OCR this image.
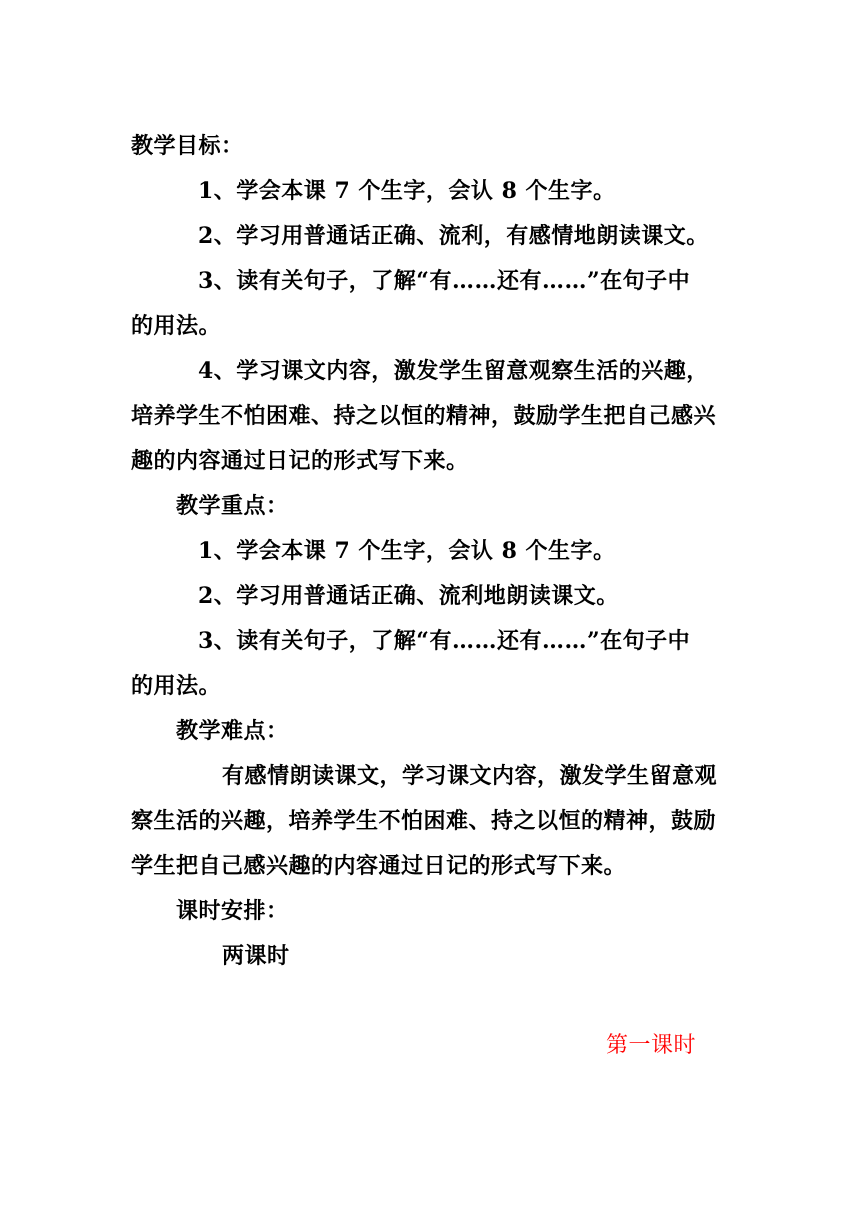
教学目标：
1、学会本课 7 个生字，会认 8 个生字。
2、学习用普通话正确、流利，有感情地朗读课文。
3、读有关句子，了解“有……还有……”在句子中
的用法。
4、学习课文内容，激发学生留意观察生活的兴趣，
培养学生不怕困难、持之以恒的精神，鼓励学生把自己感兴
趣的内容通过日记的形式写下来。
教学重点：
1、学会本课 7 个生字，会认 8 个生字。
2、学习用普通话正确、流利地朗读课文。
3、读有关句子，了解“有……还有……”在句子中
的用法。
教学难点：
有感情朗读课文，学习课文内容，激发学生留意观
察生活的兴趣，培养学生不怕困难、持之以恒的精神，鼓励
学生把自己感兴趣的内容通过日记的形式写下来。
课时安排：
两课时
第一课时
